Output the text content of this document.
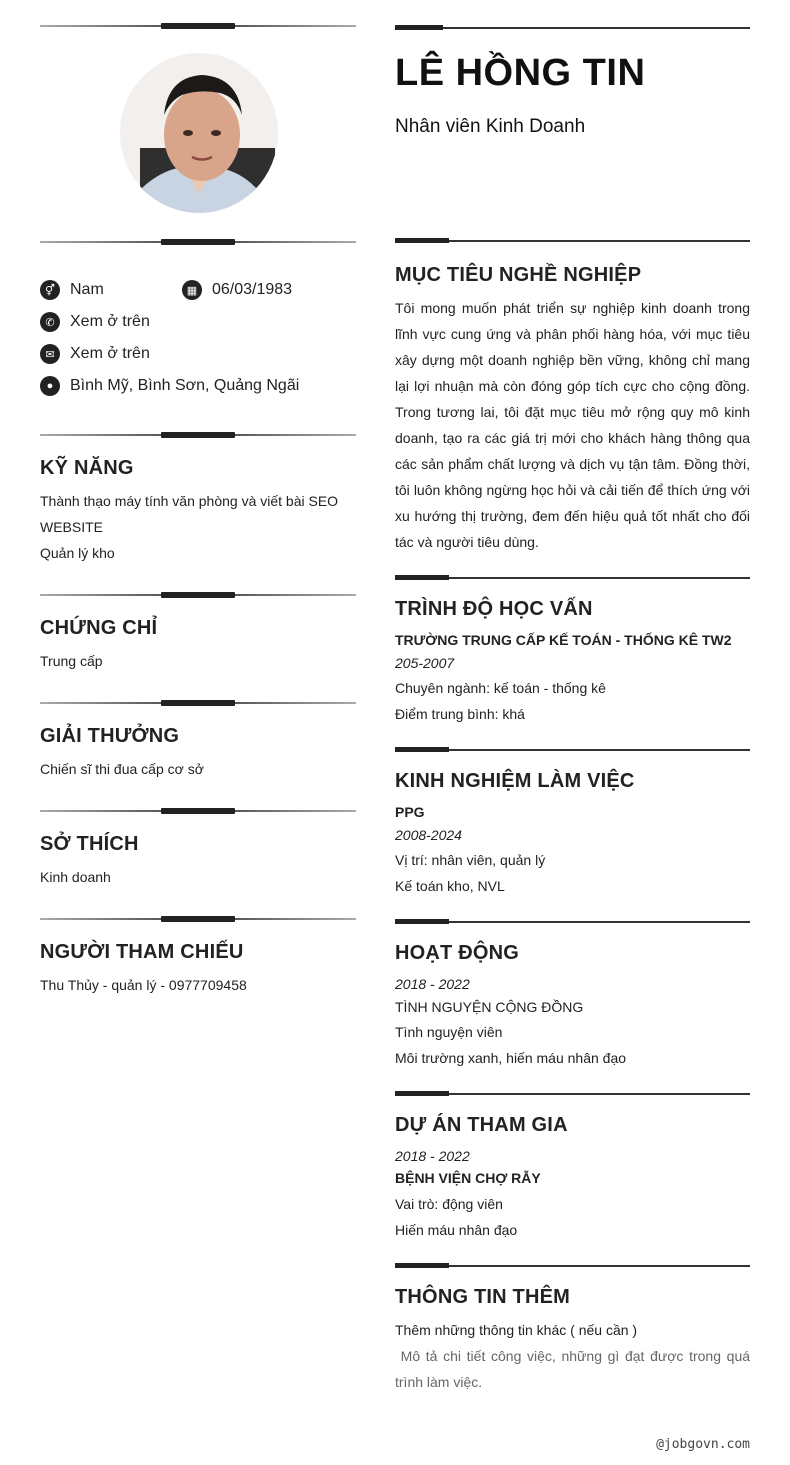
⚥ Nam	▦ 06/03/1983
✆ Xem ở trên
✉ Xem ở trên
●	Bình Mỹ, Bình Sơn, Quảng Ngãi
KỸ NĂNG
Thành thạo máy tính văn phòng và viết bài SEO
WEBSITE
Quản lý kho
CHỨNG CHỈ
Trung cấp
GIẢI THƯỞNG
Chiến sĩ thi đua cấp cơ sở
SỞ THÍCH
Kinh doanh
NGƯỜI THAM CHIẾU
Thu Thủy - quản lý - 0977709458
LÊ HỒNG TIN
Nhân viên Kinh Doanh
MỤC TIÊU NGHỀ NGHIỆP
Tôi mong muốn phát triển sự nghiệp kinh doanh trong lĩnh vực cung ứng và phân phối hàng hóa, với mục tiêu xây dựng một doanh nghiệp bền vững, không chỉ mang lại lợi nhuận mà còn đóng góp tích cực cho cộng đồng. Trong tương lai, tôi đặt mục tiêu mở rộng quy mô kinh doanh, tạo ra các giá trị mới cho khách hàng thông qua các sản phẩm chất lượng và dịch vụ tận tâm. Đồng thời, tôi luôn không ngừng học hỏi và cải tiến để thích ứng với xu hướng thị trường, đem đến hiệu quả tốt nhất cho đối tác và người tiêu dùng.
TRÌNH ĐỘ HỌC VẤN
TRƯỜNG TRUNG CẤP KẾ TOÁN - THỐNG KÊ TW2
205-2007
Chuyên ngành: kế toán - thống kê
Điểm trung bình: khá
KINH NGHIỆM LÀM VIỆC
PPG
2008-2024
Vị trí: nhân viên, quản lý
Kế toán kho, NVL
HOẠT ĐỘNG
2018 - 2022
TÌNH NGUYỆN CỘNG ĐỒNG
Tình nguyện viên
Môi trường xanh, hiến máu nhân đạo
DỰ ÁN THAM GIA
2018 - 2022
BỆNH VIỆN CHỢ RẪY
Vai trò: động viên
Hiến máu nhân đạo
THÔNG TIN THÊM
Thêm những thông tin khác ( nếu cần )
Mô tả chi tiết công việc, những gì đạt được trong quá trình làm việc.
@jobgovn.com
